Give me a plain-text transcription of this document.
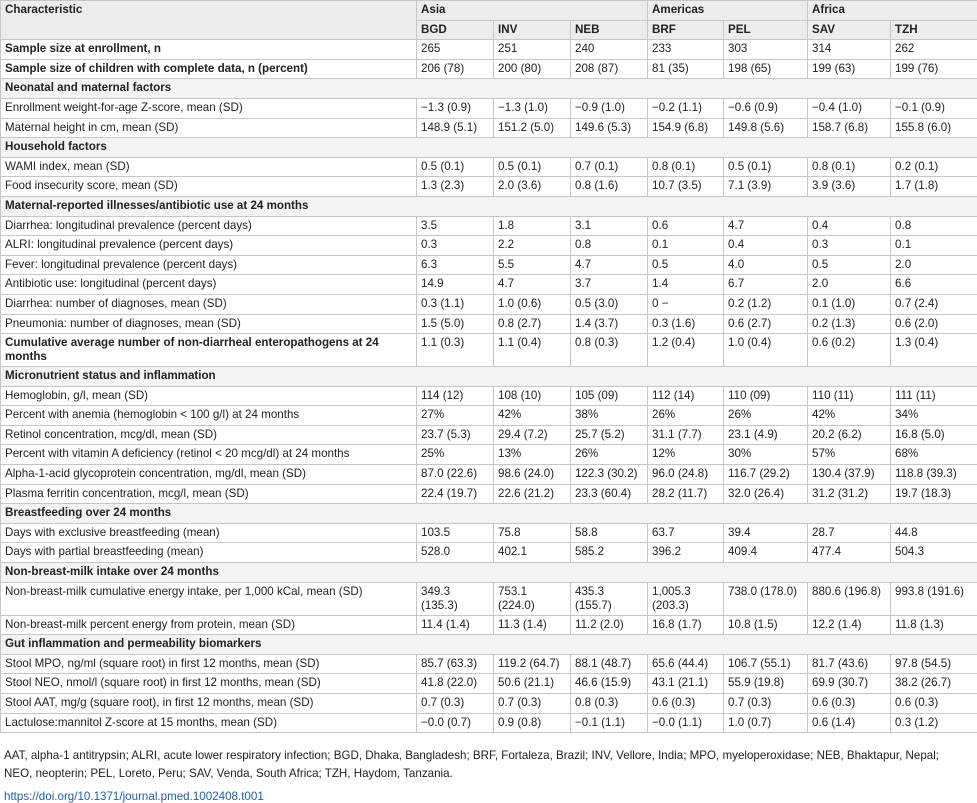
Characteristic	Asia			Americas		Africa	
	BGD	INV	NEB	BRF	PEL	SAV	TZH
Sample size at enrollment, n	265	251	240	233	303	314	262
Sample size of children with complete data, n (percent)	206 (78)	200 (80)	208 (87)	81 (35)	198 (65)	199 (63)	199 (76)
Neonatal and maternal factors							
Enrollment weight-for-age Z-score, mean (SD)	−1.3 (0.9)	−1.3 (1.0)	−0.9 (1.0)	−0.2 (1.1)	−0.6 (0.9)	−0.4 (1.0)	−0.1 (0.9)
Maternal height in cm, mean (SD)	148.9 (5.1)	151.2 (5.0)	149.6 (5.3)	154.9 (6.8)	149.8 (5.6)	158.7 (6.8)	155.8 (6.0)
Household factors							
WAMI index, mean (SD)	0.5 (0.1)	0.5 (0.1)	0.7 (0.1)	0.8 (0.1)	0.5 (0.1)	0.8 (0.1)	0.2 (0.1)
Food insecurity score, mean (SD)	1.3 (2.3)	2.0 (3.6)	0.8 (1.6)	10.7 (3.5)	7.1 (3.9)	3.9 (3.6)	1.7 (1.8)
Maternal-reported illnesses/antibiotic use at 24 months							
Diarrhea: longitudinal prevalence (percent days)	3.5	1.8	3.1	0.6	4.7	0.4	0.8
ALRI: longitudinal prevalence (percent days)	0.3	2.2	0.8	0.1	0.4	0.3	0.1
Fever: longitudinal prevalence (percent days)	6.3	5.5	4.7	0.5	4.0	0.5	2.0
Antibiotic use: longitudinal (percent days)	14.9	4.7	3.7	1.4	6.7	2.0	6.6
Diarrhea: number of diagnoses, mean (SD)	0.3 (1.1)	1.0 (0.6)	0.5 (3.0)	0 −	0.2 (1.2)	0.1 (1.0)	0.7 (2.4)
Pneumonia: number of diagnoses, mean (SD)	1.5 (5.0)	0.8 (2.7)	1.4 (3.7)	0.3 (1.6)	0.6 (2.7)	0.2 (1.3)	0.6 (2.0)
Cumulative average number of non-diarrheal enteropathogens at 24 months	1.1 (0.3)	1.1 (0.4)	0.8 (0.3)	1.2 (0.4)	1.0 (0.4)	0.6 (0.2)	1.3 (0.4)
Micronutrient status and inflammation							
Hemoglobin, g/l, mean (SD)	114 (12)	108 (10)	105 (09)	112 (14)	110 (09)	110 (11)	111 (11)
Percent with anemia (hemoglobin < 100 g/l) at 24 months	27%	42%	38%	26%	26%	42%	34%
Retinol concentration, mcg/dl, mean (SD)	23.7 (5.3)	29.4 (7.2)	25.7 (5.2)	31.1 (7.7)	23.1 (4.9)	20.2 (6.2)	16.8 (5.0)
Percent with vitamin A deficiency (retinol < 20 mcg/dl) at 24 months	25%	13%	26%	12%	30%	57%	68%
Alpha-1-acid glycoprotein concentration, mg/dl, mean (SD)	87.0 (22.6)	98.6 (24.0)	122.3 (30.2)	96.0 (24.8)	116.7 (29.2)	130.4 (37.9)	118.8 (39.3)
Plasma ferritin concentration, mcg/l, mean (SD)	22.4 (19.7)	22.6 (21.2)	23.3 (60.4)	28.2 (11.7)	32.0 (26.4)	31.2 (31.2)	19.7 (18.3)
Breastfeeding over 24 months							
Days with exclusive breastfeeding (mean)	103.5	75.8	58.8	63.7	39.4	28.7	44.8
Days with partial breastfeeding (mean)	528.0	402.1	585.2	396.2	409.4	477.4	504.3
Non-breast-milk intake over 24 months							
Non-breast-milk cumulative energy intake, per 1,000 kCal, mean (SD)	349.3 (135.3)	753.1 (224.0)	435.3 (155.7)	1,005.3 (203.3)	738.0 (178.0)	880.6 (196.8)	993.8 (191.6)
Non-breast-milk percent energy from protein, mean (SD)	11.4 (1.4)	11.3 (1.4)	11.2 (2.0)	16.8 (1.7)	10.8 (1.5)	12.2 (1.4)	11.8 (1.3)
Gut inflammation and permeability biomarkers							
Stool MPO, ng/ml (square root) in first 12 months, mean (SD)	85.7 (63.3)	119.2 (64.7)	88.1 (48.7)	65.6 (44.4)	106.7 (55.1)	81.7 (43.6)	97.8 (54.5)
Stool NEO, nmol/l (square root) in first 12 months, mean (SD)	41.8 (22.0)	50.6 (21.1)	46.6 (15.9)	43.1 (21.1)	55.9 (19.8)	69.9 (30.7)	38.2 (26.7)
Stool AAT, mg/g (square root), in first 12 months, mean (SD)	0.7 (0.3)	0.7 (0.3)	0.8 (0.3)	0.6 (0.3)	0.7 (0.3)	0.6 (0.3)	0.6 (0.3)
Lactulose:mannitol Z-score at 15 months, mean (SD)	−0.0 (0.7)	0.9 (0.8)	−0.1 (1.1)	−0.0 (1.1)	1.0 (0.7)	0.6 (1.4)	0.3 (1.2)
AAT, alpha-1 antitrypsin; ALRI, acute lower respiratory infection; BGD, Dhaka, Bangladesh; BRF, Fortaleza, Brazil; INV, Vellore, India; MPO, myeloperoxidase; NEB, Bhaktapur, Nepal; NEO, neopterin; PEL, Loreto, Peru; SAV, Venda, South Africa; TZH, Haydom, Tanzania.
https://doi.org/10.1371/journal.pmed.1002408.t001
